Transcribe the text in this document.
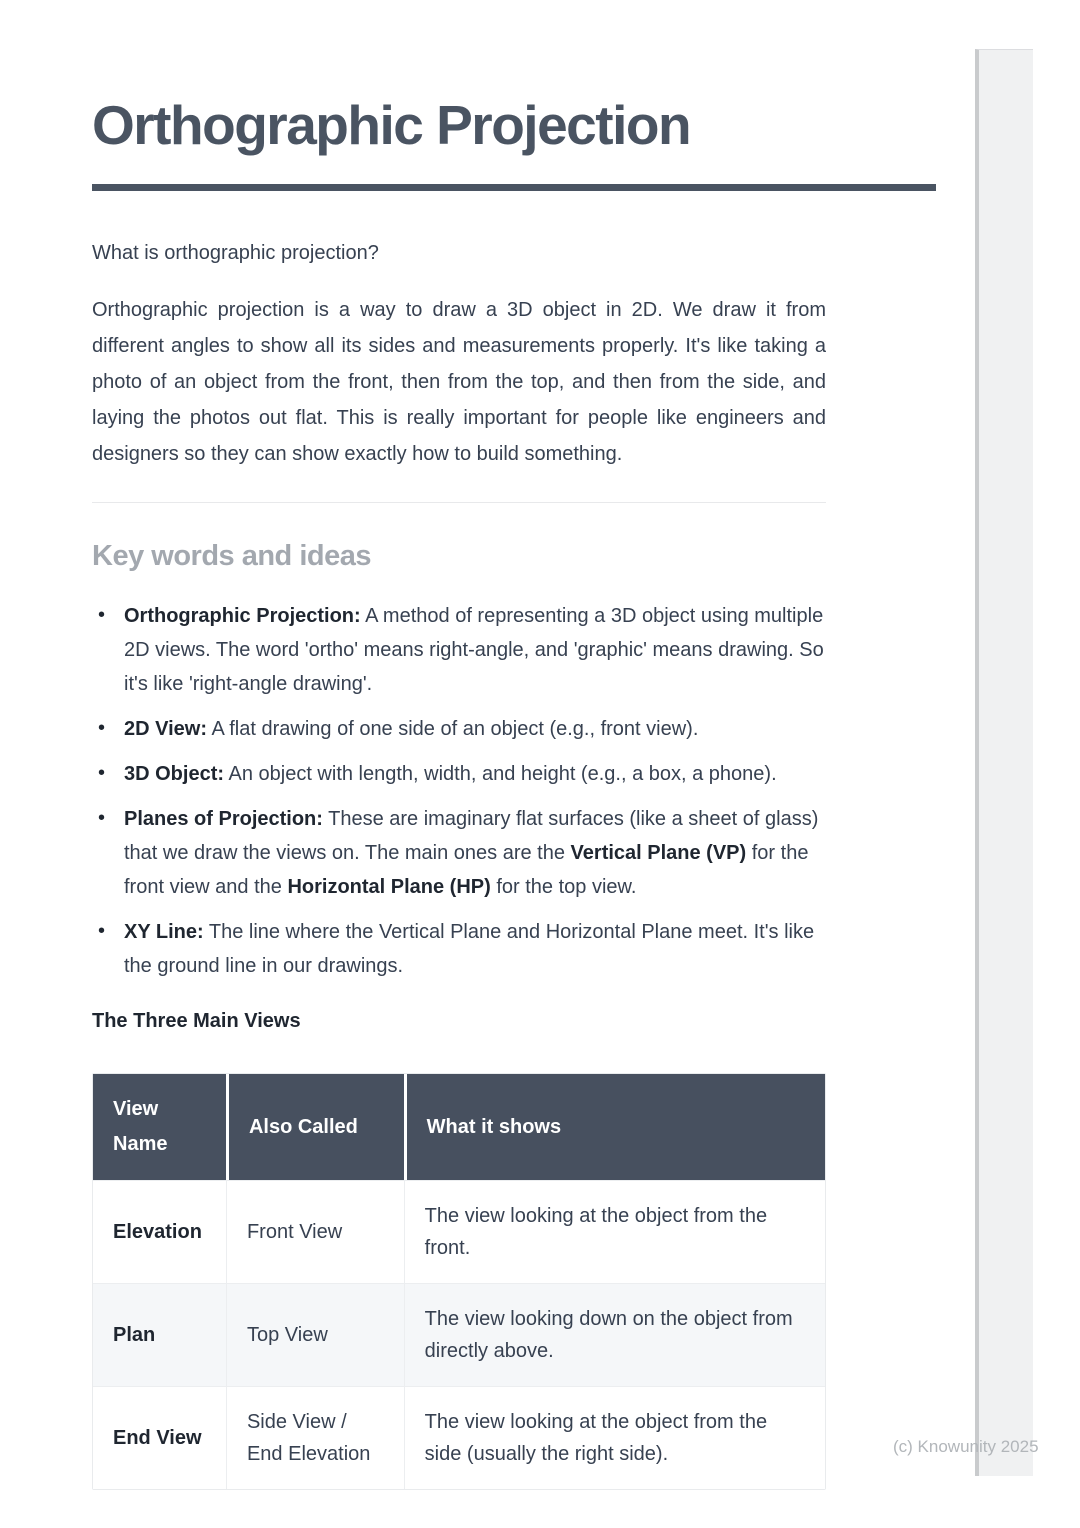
Orthographic Projection

What is orthographic projection?

Orthographic projection is a way to draw a 3D object in 2D. We draw it from different angles to show all its sides and measurements properly. It's like taking a photo of an object from the front, then from the top, and then from the side, and laying the photos out flat. This is really important for people like engineers and designers so they can show exactly how to build something.

Key words and ideas
• Orthographic Projection: A method of representing a 3D object using multiple 2D views. The word 'ortho' means right-angle, and 'graphic' means drawing. So it's like 'right-angle drawing'.
• 2D View: A flat drawing of one side of an object (e.g., front view).
• 3D Object: An object with length, width, and height (e.g., a box, a phone).
• Planes of Projection: These are imaginary flat surfaces (like a sheet of glass) that we draw the views on. The main ones are the Vertical Plane (VP) for the front view and the Horizontal Plane (HP) for the top view.
• XY Line: The line where the Vertical Plane and Horizontal Plane meet. It's like the ground line in our drawings.

The Three Main Views

View Name	Also Called	What it shows
Elevation	Front View	The view looking at the object from the front.
Plan	Top View	The view looking down on the object from directly above.
End View	Side View / End Elevation	The view looking at the object from the side (usually the right side).	(c) Knowunity 2025
